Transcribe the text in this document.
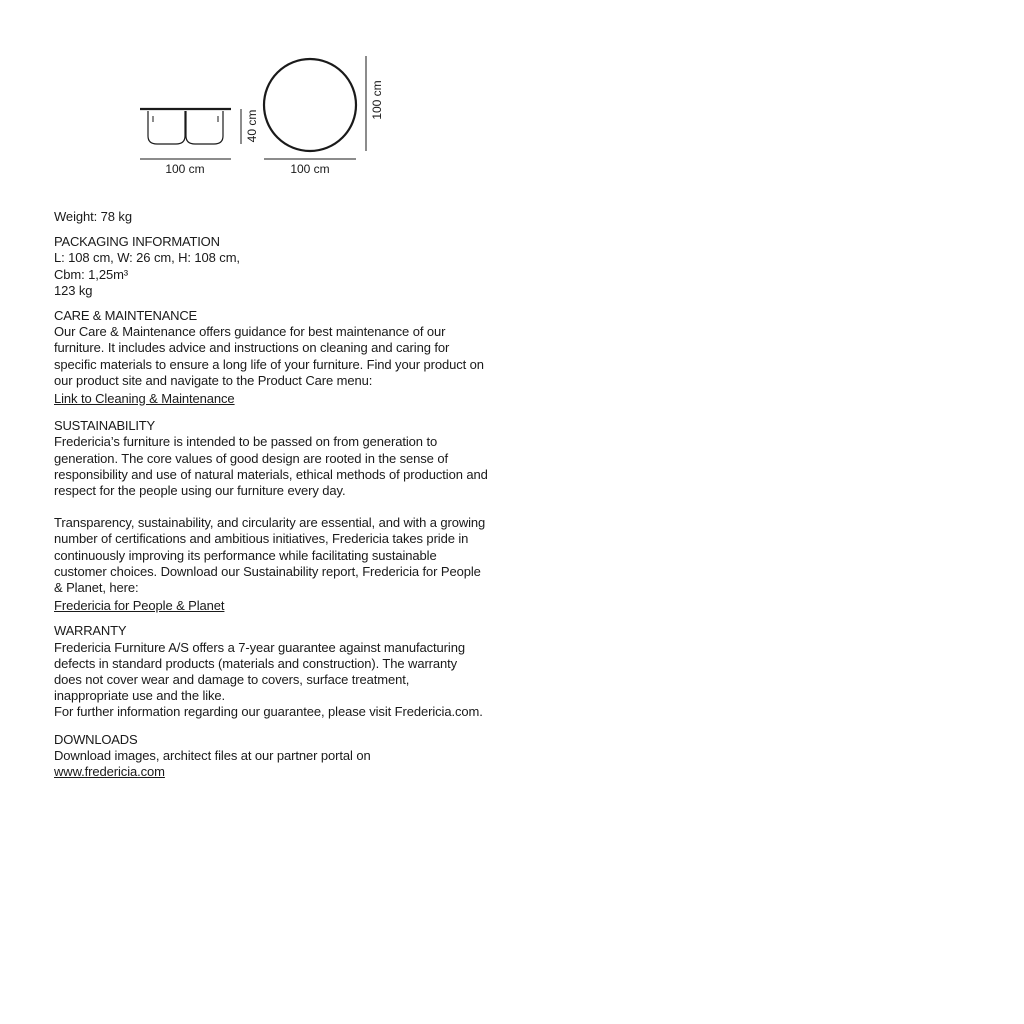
100 cm
40 cm
100 cm
100 cm

Weight: 78 kg

PACKAGING INFORMATION

L: 108 cm, W: 26 cm, H: 108 cm,
Cbm: 1,25m³
123 kg

CARE & MAINTENANCE

Our Care & Maintenance offers guidance for best maintenance of our
furniture. It includes advice and instructions on cleaning and caring for
specific materials to ensure a long life of your furniture. Find your product on
our product site and navigate to the Product Care menu:

Link to Cleaning & Maintenance

SUSTAINABILITY

Fredericia’s furniture is intended to be passed on from generation to
generation. The core values of good design are rooted in the sense of
responsibility and use of natural materials, ethical methods of production and
respect for the people using our furniture every day.

Transparency, sustainability, and circularity are essential, and with a growing
number of certifications and ambitious initiatives, Fredericia takes pride in
continuously improving its performance while facilitating sustainable
customer choices. Download our Sustainability report, Fredericia for People
& Planet, here:

Fredericia for People & Planet

WARRANTY

Fredericia Furniture A/S offers a 7-year guarantee against manufacturing
defects in standard products (materials and construction). The warranty
does not cover wear and damage to covers, surface treatment,
inappropriate use and the like.
For further information regarding our guarantee, please visit Fredericia.com.

DOWNLOADS

Download images, architect files at our partner portal on

www.fredericia.com
